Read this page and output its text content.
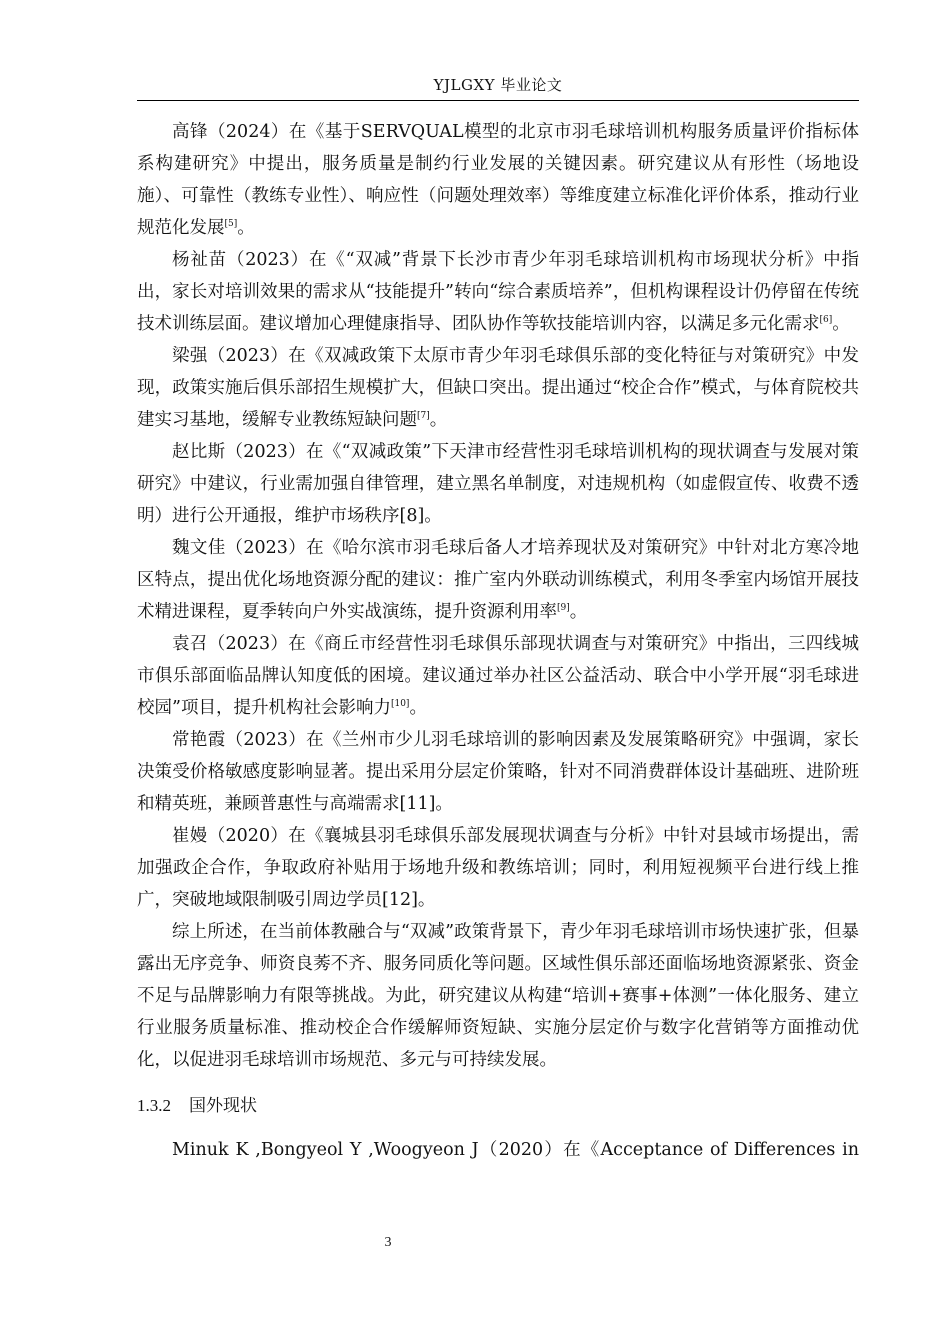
YJLGXY 毕业论文

高锋（2024）在《基于SERVQUAL模型的北京市羽毛球培训机构服务质量评价指标体系构建研究》中提出，服务质量是制约行业发展的关键因素。研究建议从有形性（场地设施）、可靠性（教练专业性）、响应性（问题处理效率）等维度建立标准化评价体系，推动行业规范化发展[5]。

杨祉苗（2023）在《“双减”背景下长沙市青少年羽毛球培训机构市场现状分析》中指出，家长对培训效果的需求从“技能提升”转向“综合素质培养”，但机构课程设计仍停留在传统技术训练层面。建议增加心理健康指导、团队协作等软技能培训内容，以满足多元化需求[6]。

梁强（2023）在《双减政策下太原市青少年羽毛球俱乐部的变化特征与对策研究》中发现，政策实施后俱乐部招生规模扩大，但缺口突出。提出通过“校企合作”模式，与体育院校共建实习基地，缓解专业教练短缺问题[7]。

赵比斯（2023）在《“双减政策”下天津市经营性羽毛球培训机构的现状调查与发展对策研究》中建议，行业需加强自律管理，建立黑名单制度，对违规机构（如虚假宣传、收费不透明）进行公开通报，维护市场秩序[8]。

魏文佳（2023）在《哈尔滨市羽毛球后备人才培养现状及对策研究》中针对北方寒冷地区特点，提出优化场地资源分配的建议：推广室内外联动训练模式，利用冬季室内场馆开展技术精进课程，夏季转向户外实战演练，提升资源利用率[9]。

袁召（2023）在《商丘市经营性羽毛球俱乐部现状调查与对策研究》中指出，三四线城市俱乐部面临品牌认知度低的困境。建议通过举办社区公益活动、联合中小学开展“羽毛球进校园”项目，提升机构社会影响力[10]。

常艳霞（2023）在《兰州市少儿羽毛球培训的影响因素及发展策略研究》中强调，家长决策受价格敏感度影响显著。提出采用分层定价策略，针对不同消费群体设计基础班、进阶班和精英班，兼顾普惠性与高端需求[11]。

崔嫚（2020）在《襄城县羽毛球俱乐部发展现状调查与分析》中针对县域市场提出，需加强政企合作，争取政府补贴用于场地升级和教练培训；同时，利用短视频平台进行线上推广，突破地域限制吸引周边学员[12]。

综上所述，在当前体教融合与“双减”政策背景下，青少年羽毛球培训市场快速扩张，但暴露出无序竞争、师资良莠不齐、服务同质化等问题。区域性俱乐部还面临场地资源紧张、资金不足与品牌影响力有限等挑战。为此，研究建议从构建“培训+赛事+体测”一体化服务、建立行业服务质量标准、推动校企合作缓解师资短缺、实施分层定价与数字化营销等方面推动优化，以促进羽毛球培训市场规范、多元与可持续发展。

1.3.2 国外现状

Minuk K ,Bongyeol Y ,Woogyeon J（2020）在《Acceptance of Differences in

3
